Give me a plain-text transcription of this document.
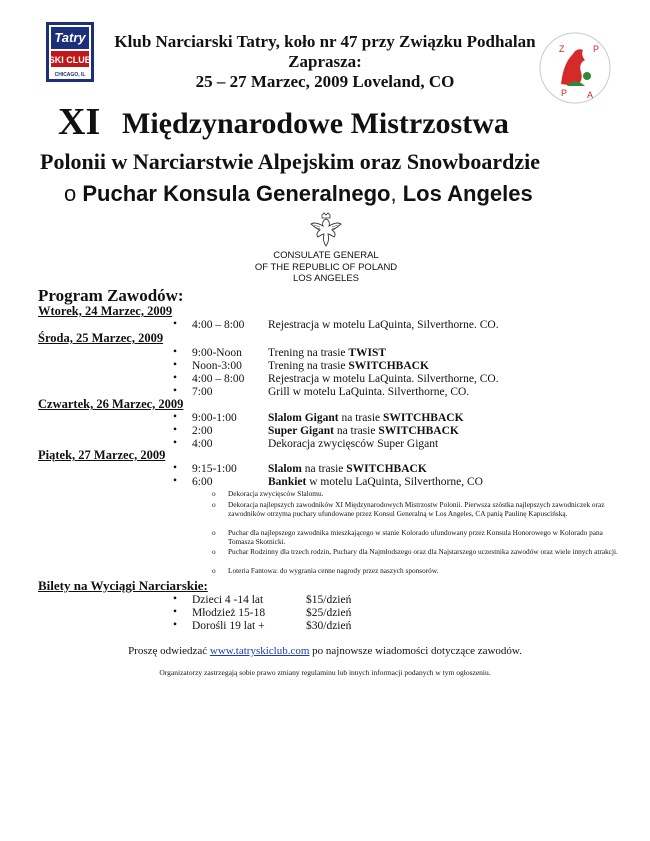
Tatry
SKI CLUB
CHICAGO, IL
Z	P
P A
Klub Narciarski Tatry, koło nr 47 przy Związku Podhalan
Zaprasza:
25 – 27 Marzec, 2009 Loveland, CO
XI Międzynarodowe Mistrzostwa
Polonii w Narciarstwie Alpejskim oraz Snowboardzie
o Puchar Konsula Generalnego, Los Angeles
CONSULATE GENERAL
OF THE REPUBLIC OF POLAND
LOS ANGELES
Program Zawodów:
Wtorek, 24 Marzec, 2009
• 4:00 – 8:00 Rejestracja w motelu LaQuinta, Silverthorne. CO.
Środa, 25 Marzec, 2009
• 9:00-Noon Trening na trasie TWIST
• Noon-3:00 Trening na trasie SWITCHBACK
• 4:00 – 8:00 Rejestracja w motelu LaQuinta. Silverthorne, CO.
• 7:00	Grill w motelu LaQuinta. Silverthorne, CO.
Czwartek, 26 Marzec, 2009
• 9:00-1:00	Slalom Gigant na trasie SWITCHBACK
• 2:00	Super Gigant na trasie SWITCHBACK
• 4:00	Dekoracja zwycięsców Super Gigant
Piątek, 27 Marzec, 2009
• 9:15-1:00	Slalom na trasie SWITCHBACK
• 6:00	Bankiet w motelu LaQuinta, Silverthorne, CO
o Dekoracja zwycięsców Slalomu.
o Dekoracja najlepszych zawodników XI Międzynarodowych Mistrzostw Polonii. Pierwsza szóstka najlepszych zawodniczek oraz zawodników otrzyma puchary ufundowane przez Konsul Generalną w Los Angeles, CA panią Paulinę Kapuscińską.
o Puchar dla najlepszego zawodnika mieszkającego w stanie Kolorado ufundowany przez Konsula Honorowego w Kolorado pana Tomasza Skotnicki.
o Puchar Rodzinny dla trzech rodzin, Puchary dla Najmłodszego oraz dla Najstarszego uczestnika zawodów oraz wiele innych atrakcji.
o Loteria Fantowa: do wygrania cenne nagrody przez naszych sponsorów.
Bilety na Wyciągi Narciarskie:
• Dzieci 4 -14 lat	$15/dzień
• Młodzież 15-18	$25/dzień
• Dorośli 19 lat +	$30/dzień
Proszę odwiedzać www.tatryskiclub.com po najnowsze wiadomości dotyczące zawodów.
Organizatorzy zastrzegają sobie prawo zmiany regulaminu lub innych informacji podanych w tym ogłoszeniu.
